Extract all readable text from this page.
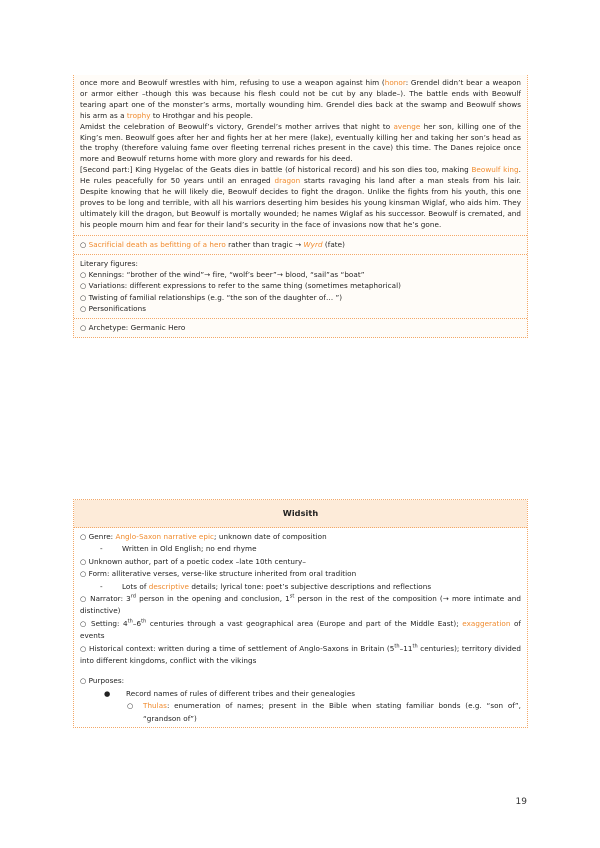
once more and Beowulf wrestles with him, refusing to use a weapon against him (honor: Grendel didn’t bear a weapon or armor either –though this was because his flesh could not be cut by any blade–). The battle ends with Beowulf tearing apart one of the monster’s arms, mortally wounding him. Grendel dies back at the swamp and Beowulf shows his arm as a trophy to Hrothgar and his people.

Amidst the celebration of Beowulf’s victory, Grendel’s mother arrives that night to avenge her son, killing one of the King’s men. Beowulf goes after her and fights her at her mere (lake), eventually killing her and taking her son’s head as the trophy (therefore valuing fame over fleeting terrenal riches present in the cave) this time. The Danes rejoice once more and Beowulf returns home with more glory and rewards for his deed.

[Second part:] King Hygelac of the Geats dies in battle (of historical record) and his son dies too, making Beowulf king. He rules peacefully for 50 years until an enraged dragon starts ravaging his land after a man steals from his lair. Despite knowing that he will likely die, Beowulf decides to fight the dragon. Unlike the fights from his youth, this one proves to be long and terrible, with all his warriors deserting him besides his young kinsman Wiglaf, who aids him. They ultimately kill the dragon, but Beowulf is mortally wounded; he names Wiglaf as his successor. Beowulf is cremated, and his people mourn him and fear for their land’s security in the face of invasions now that he’s gone.

○ Sacrificial death as befitting of a hero rather than tragic → Wyrd (fate)

Literary figures:

○ Kennings: “brother of the wind”→ fire, “wolf’s beer”→ blood, “sail”as “boat”

○ Variations: different expressions to refer to the same thing (sometimes metaphorical)

○ Twisting of familial relationships (e.g. “the son of the daughter of… ”)

○ Personifications

○ Archetype: Germanic Hero

Widsith

○ Genre: Anglo-Saxon narrative epic; unknown date of composition

-	Written in Old English; no end rhyme

○ Unknown author, part of a poetic codex –late 10th century–

○ Form: alliterative verses, verse-like structure inherited from oral tradition

-	Lots of descriptive details; lyrical tone: poet’s subjective descriptions and reflections

○ Narrator: 3rd person in the opening and conclusion, 1st person in the rest of the composition (→ more intimate and distinctive)

○ Setting: 4th–6th centuries through a vast geographical area (Europe and part of the Middle East); exaggeration of events

○ Historical context: written during a time of settlement of Anglo-Saxons in Britain (5th–11th centuries); territory divided into different kingdoms, conflict with the vikings

○ Purposes:

● Record names of rules of different tribes and their genealogies

○ Thulas: enumeration of names; present in the Bible when stating familiar bonds (e.g. “son of”, “grandson of”)

19
